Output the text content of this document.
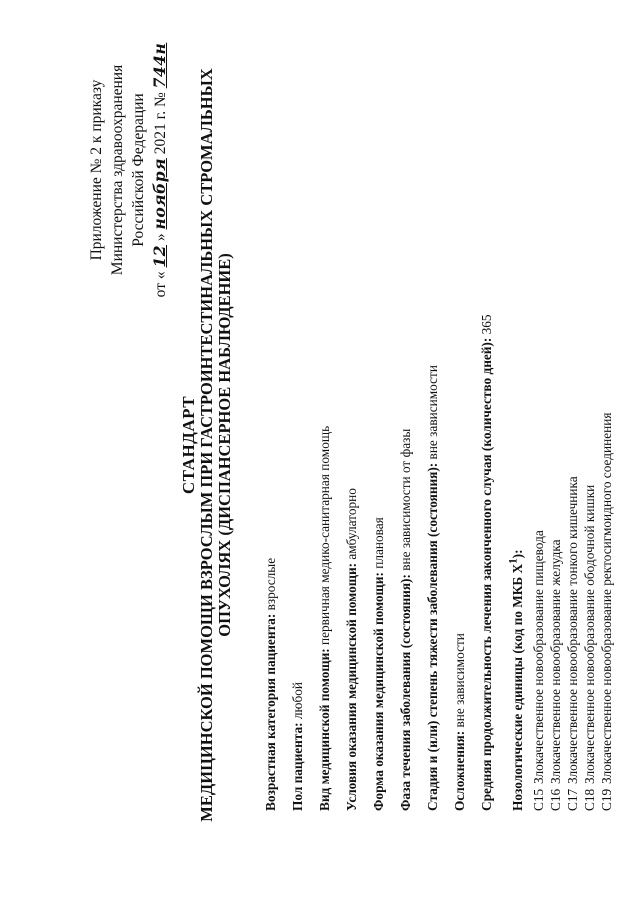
Приложение № 2 к приказу Министерства здравоохранения Российской Федерации
от « 12 » ноября 2021 г. № 744н
СТАНДАРТ МЕДИЦИНСКОЙ ПОМОЩИ ВЗРОСЛЫМ ПРИ ГАСТРОИНТЕСТИНАЛЬНЫХ СТРОМАЛЬНЫХ ОПУХОЛЯХ (ДИСПАНСЕРНОЕ НАБЛЮДЕНИЕ)
Возрастная категория пациента: взрослые
Пол пациента: любой Вид медицинской помощи: первичная медико-санитарная помощь
Условия оказания медицинской помощи: амбулаторно
Форма оказания медицинской помощи: плановая
Фаза течения заболевания (состояния): вне зависимости от фазы Стадия и (или) степень тяжести заболевания (состояния): вне зависимости
Осложнения: вне зависимости Средняя продолжительность лечения законченного случая (количество дней): 365
Нозологические единицы (код по МКБ $X^1$):
C15Злокачественное новообразование пищевода
C16Злокачественное новообразование желудка
C17Злокачественное новообразование тонкого кишечника
C18Злокачественное новообразование ободочной кишки
C19Злокачественное новообразование ректосигмоидного соединения
